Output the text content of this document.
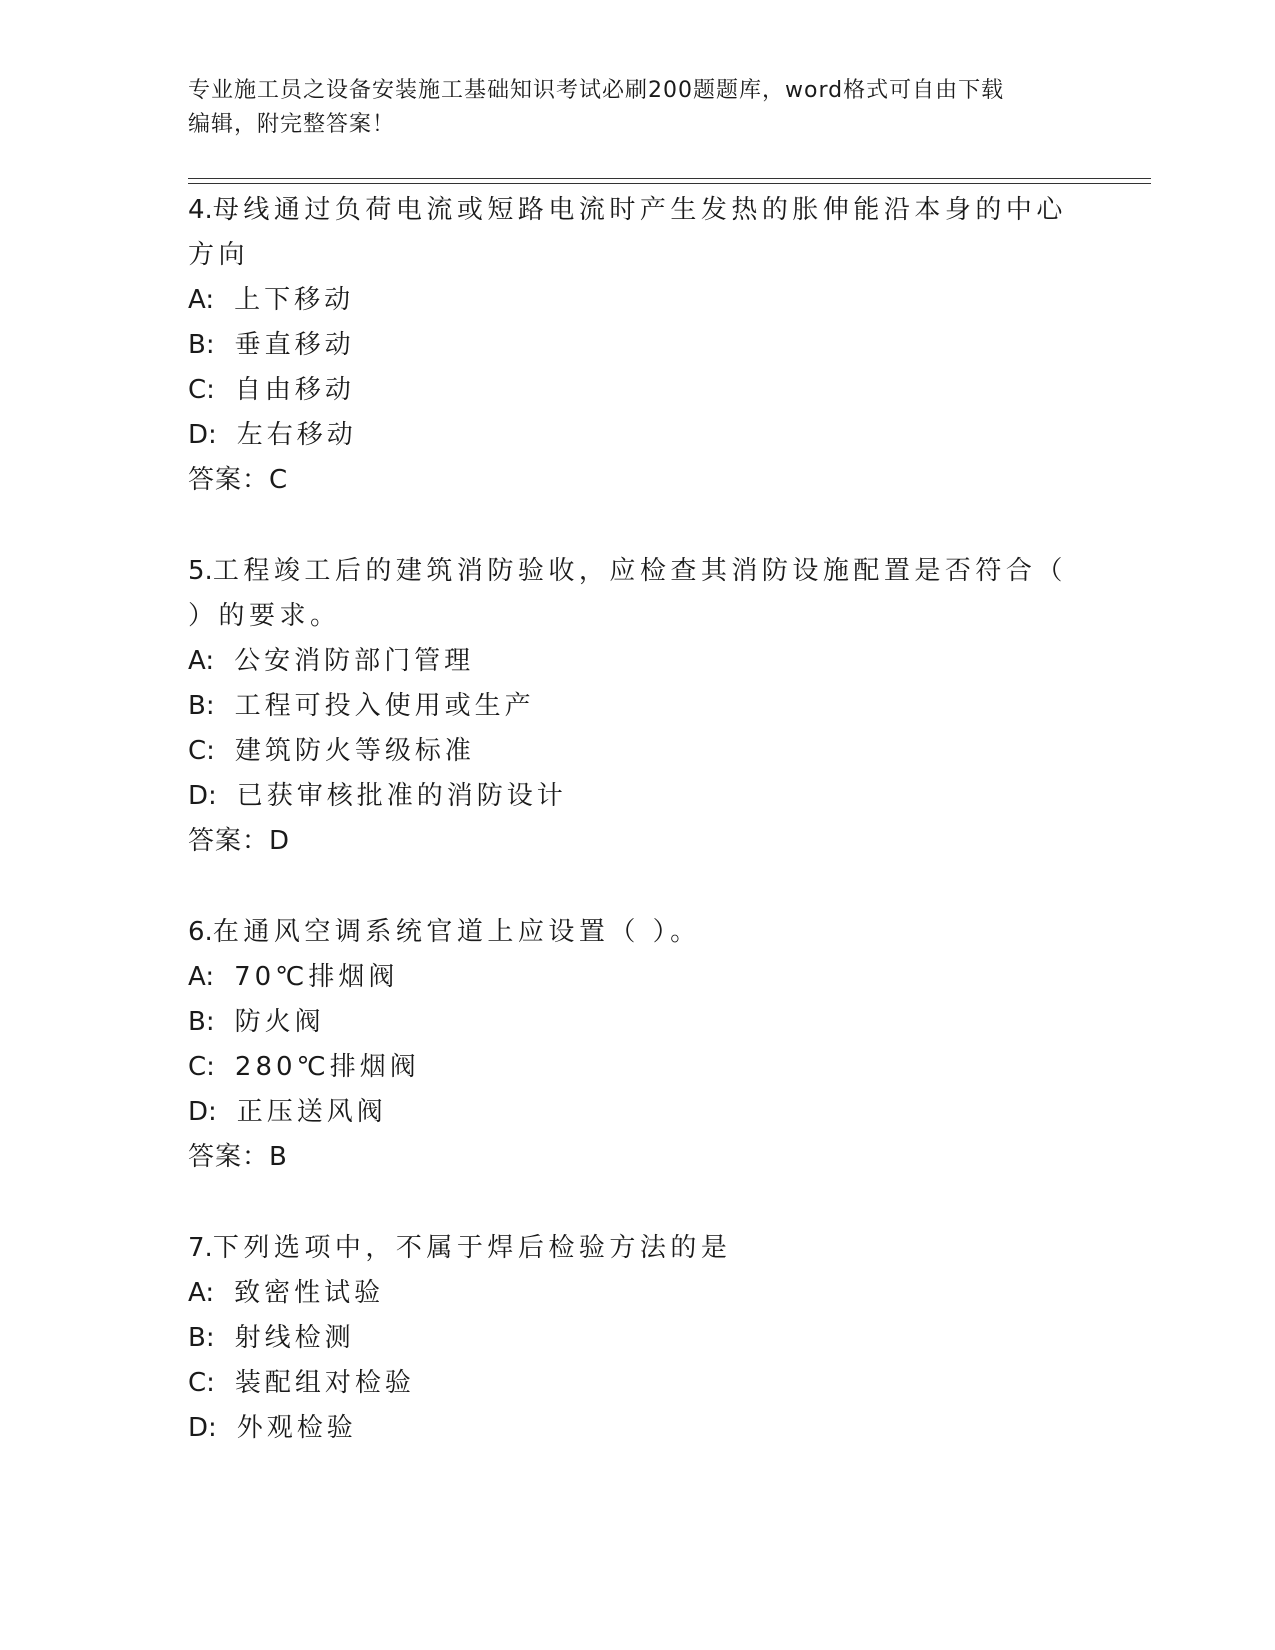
专业施工员之设备安装施工基础知识考试必刷200题题库，word格式可自由下载
编辑，附完整答案！
4.母线通过负荷电流或短路电流时产生发热的胀伸能沿本身的中心方向
A: 上下移动
B: 垂直移动
C: 自由移动
D: 左右移动
答案：C
5.工程竣工后的建筑消防验收，应检查其消防设施配置是否符合（ ）的要求。
A: 公安消防部门管理
B: 工程可投入使用或生产
C: 建筑防火等级标准
D: 已获审核批准的消防设计
答案：D
6.在通风空调系统官道上应设置（ ）。
A: 70℃排烟阀
B: 防火阀
C: 280℃排烟阀
D: 正压送风阀
答案：B
7.下列选项中，不属于焊后检验方法的是
A: 致密性试验
B: 射线检测
C: 装配组对检验
D: 外观检验
